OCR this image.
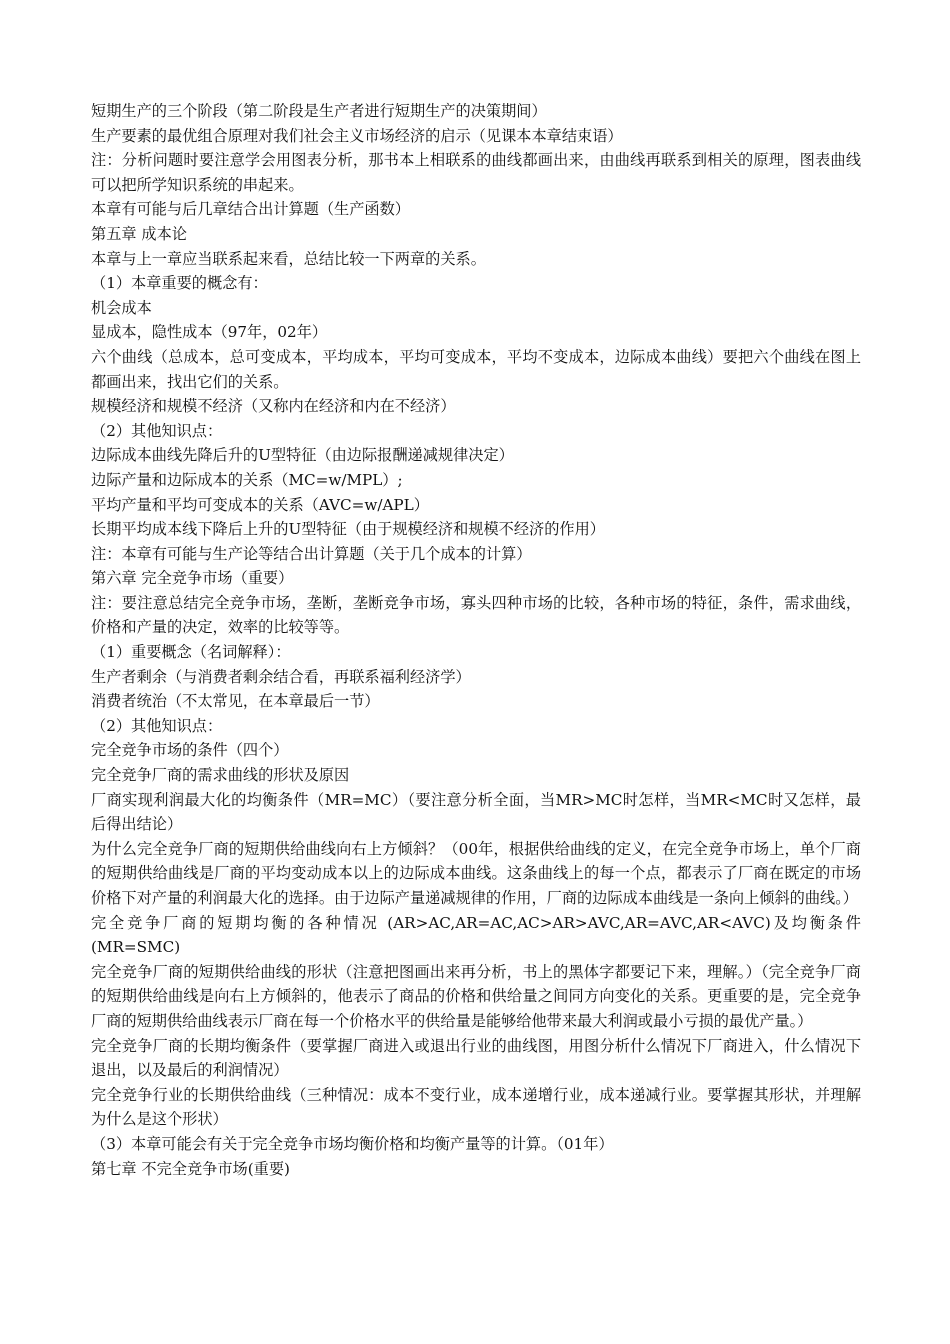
短期生产的三个阶段（第二阶段是生产者进行短期生产的决策期间）
生产要素的最优组合原理对我们社会主义市场经济的启示（见课本本章结束语）
注：分析问题时要注意学会用图表分析，那书本上相联系的曲线都画出来，由曲线再联系到相关的原理，图表曲线可以把所学知识系统的串起来。
本章有可能与后几章结合出计算题（生产函数）
第五章 成本论
本章与上一章应当联系起来看，总结比较一下两章的关系。
（1）本章重要的概念有：
机会成本
显成本，隐性成本（97年，02年）
六个曲线（总成本，总可变成本，平均成本，平均可变成本，平均不变成本，边际成本曲线）要把六个曲线在图上都画出来，找出它们的关系。
规模经济和规模不经济（又称内在经济和内在不经济）
（2）其他知识点：
边际成本曲线先降后升的U型特征（由边际报酬递减规律决定）
边际产量和边际成本的关系（MC=w/MPL）;
平均产量和平均可变成本的关系（AVC=w/APL）
长期平均成本线下降后上升的U型特征（由于规模经济和规模不经济的作用）
注：本章有可能与生产论等结合出计算题（关于几个成本的计算）
第六章 完全竞争市场（重要）
注：要注意总结完全竞争市场，垄断，垄断竞争市场，寡头四种市场的比较，各种市场的特征，条件，需求曲线，价格和产量的决定，效率的比较等等。
（1）重要概念（名词解释）：
生产者剩余（与消费者剩余结合看，再联系福利经济学）
消费者统治（不太常见，在本章最后一节）
（2）其他知识点：
完全竞争市场的条件（四个）
完全竞争厂商的需求曲线的形状及原因
厂商实现利润最大化的均衡条件（MR=MC）（要注意分析全面，当MR>MC时怎样，当MR<MC时又怎样，最后得出结论）
为什么完全竞争厂商的短期供给曲线向右上方倾斜？（00年，根据供给曲线的定义，在完全竞争市场上，单个厂商的短期供给曲线是厂商的平均变动成本以上的边际成本曲线。这条曲线上的每一个点，都表示了厂商在既定的市场价格下对产量的利润最大化的选择。由于边际产量递减规律的作用，厂商的边际成本曲线是一条向上倾斜的曲线。）
完全竞争厂商的短期均衡的各种情况 (AR>AC,AR=AC,AC>AR>AVC,AR=AVC,AR<AVC)及均衡条件(MR=SMC)
完全竞争厂商的短期供给曲线的形状（注意把图画出来再分析，书上的黑体字都要记下来，理解。）（完全竞争厂商的短期供给曲线是向右上方倾斜的，他表示了商品的价格和供给量之间同方向变化的关系。更重要的是，完全竞争厂商的短期供给曲线表示厂商在每一个价格水平的供给量是能够给他带来最大利润或最小亏损的最优产量。）
完全竞争厂商的长期均衡条件（要掌握厂商进入或退出行业的曲线图，用图分析什么情况下厂商进入，什么情况下退出，以及最后的利润情况）
完全竞争行业的长期供给曲线（三种情况：成本不变行业，成本递增行业，成本递减行业。要掌握其形状，并理解为什么是这个形状）
（3）本章可能会有关于完全竞争市场均衡价格和均衡产量等的计算。（01年）
第七章 不完全竞争市场(重要)
